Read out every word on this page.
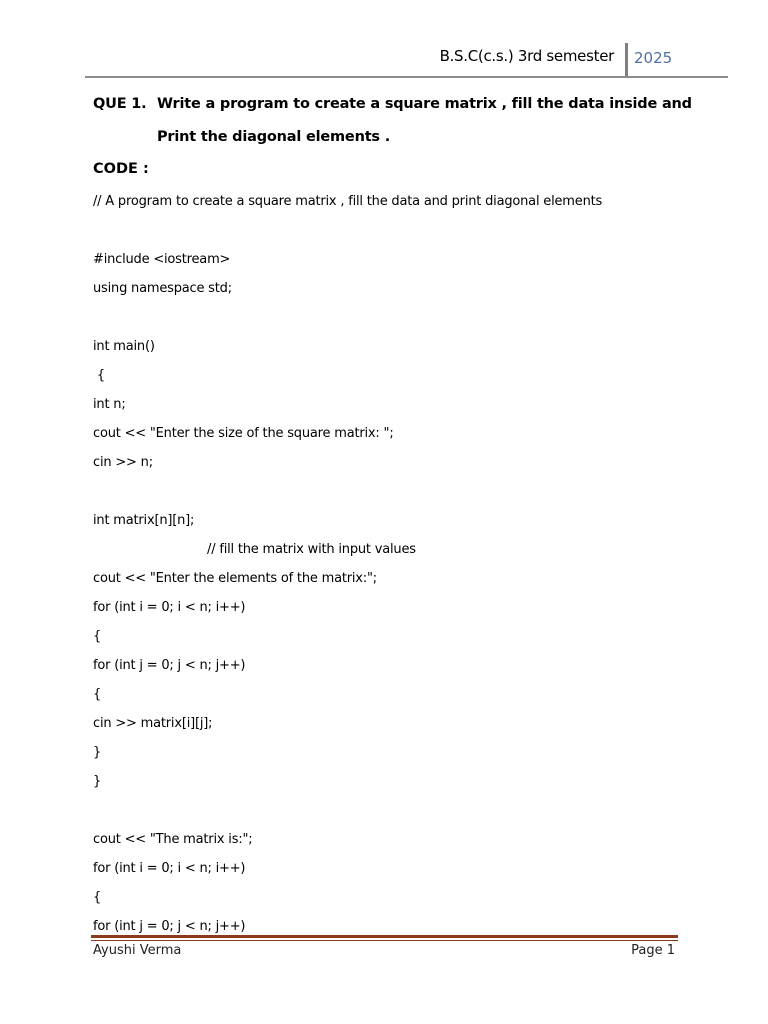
B.S.C(c.s.) 3rd semester 2025
QUE 1. Write a program to create a square matrix , fill the data inside and
Print the diagonal elements .
CODE :
// A program to create a square matrix , fill the data and print diagonal elements
#include <iostream>
using namespace std;
int main()
{
int n;
cout << "Enter the size of the square matrix: ";
cin >> n;
int matrix[n][n];
// fill the matrix with input values
cout << "Enter the elements of the matrix:";
for (int i = 0; i < n; i++)
{
for (int j = 0; j < n; j++)
{
cin >> matrix[i][j];
}
}
cout << "The matrix is:";
for (int i = 0; i < n; i++)
{
for (int j = 0; j < n; j++)
Ayushi Verma	Page 1
